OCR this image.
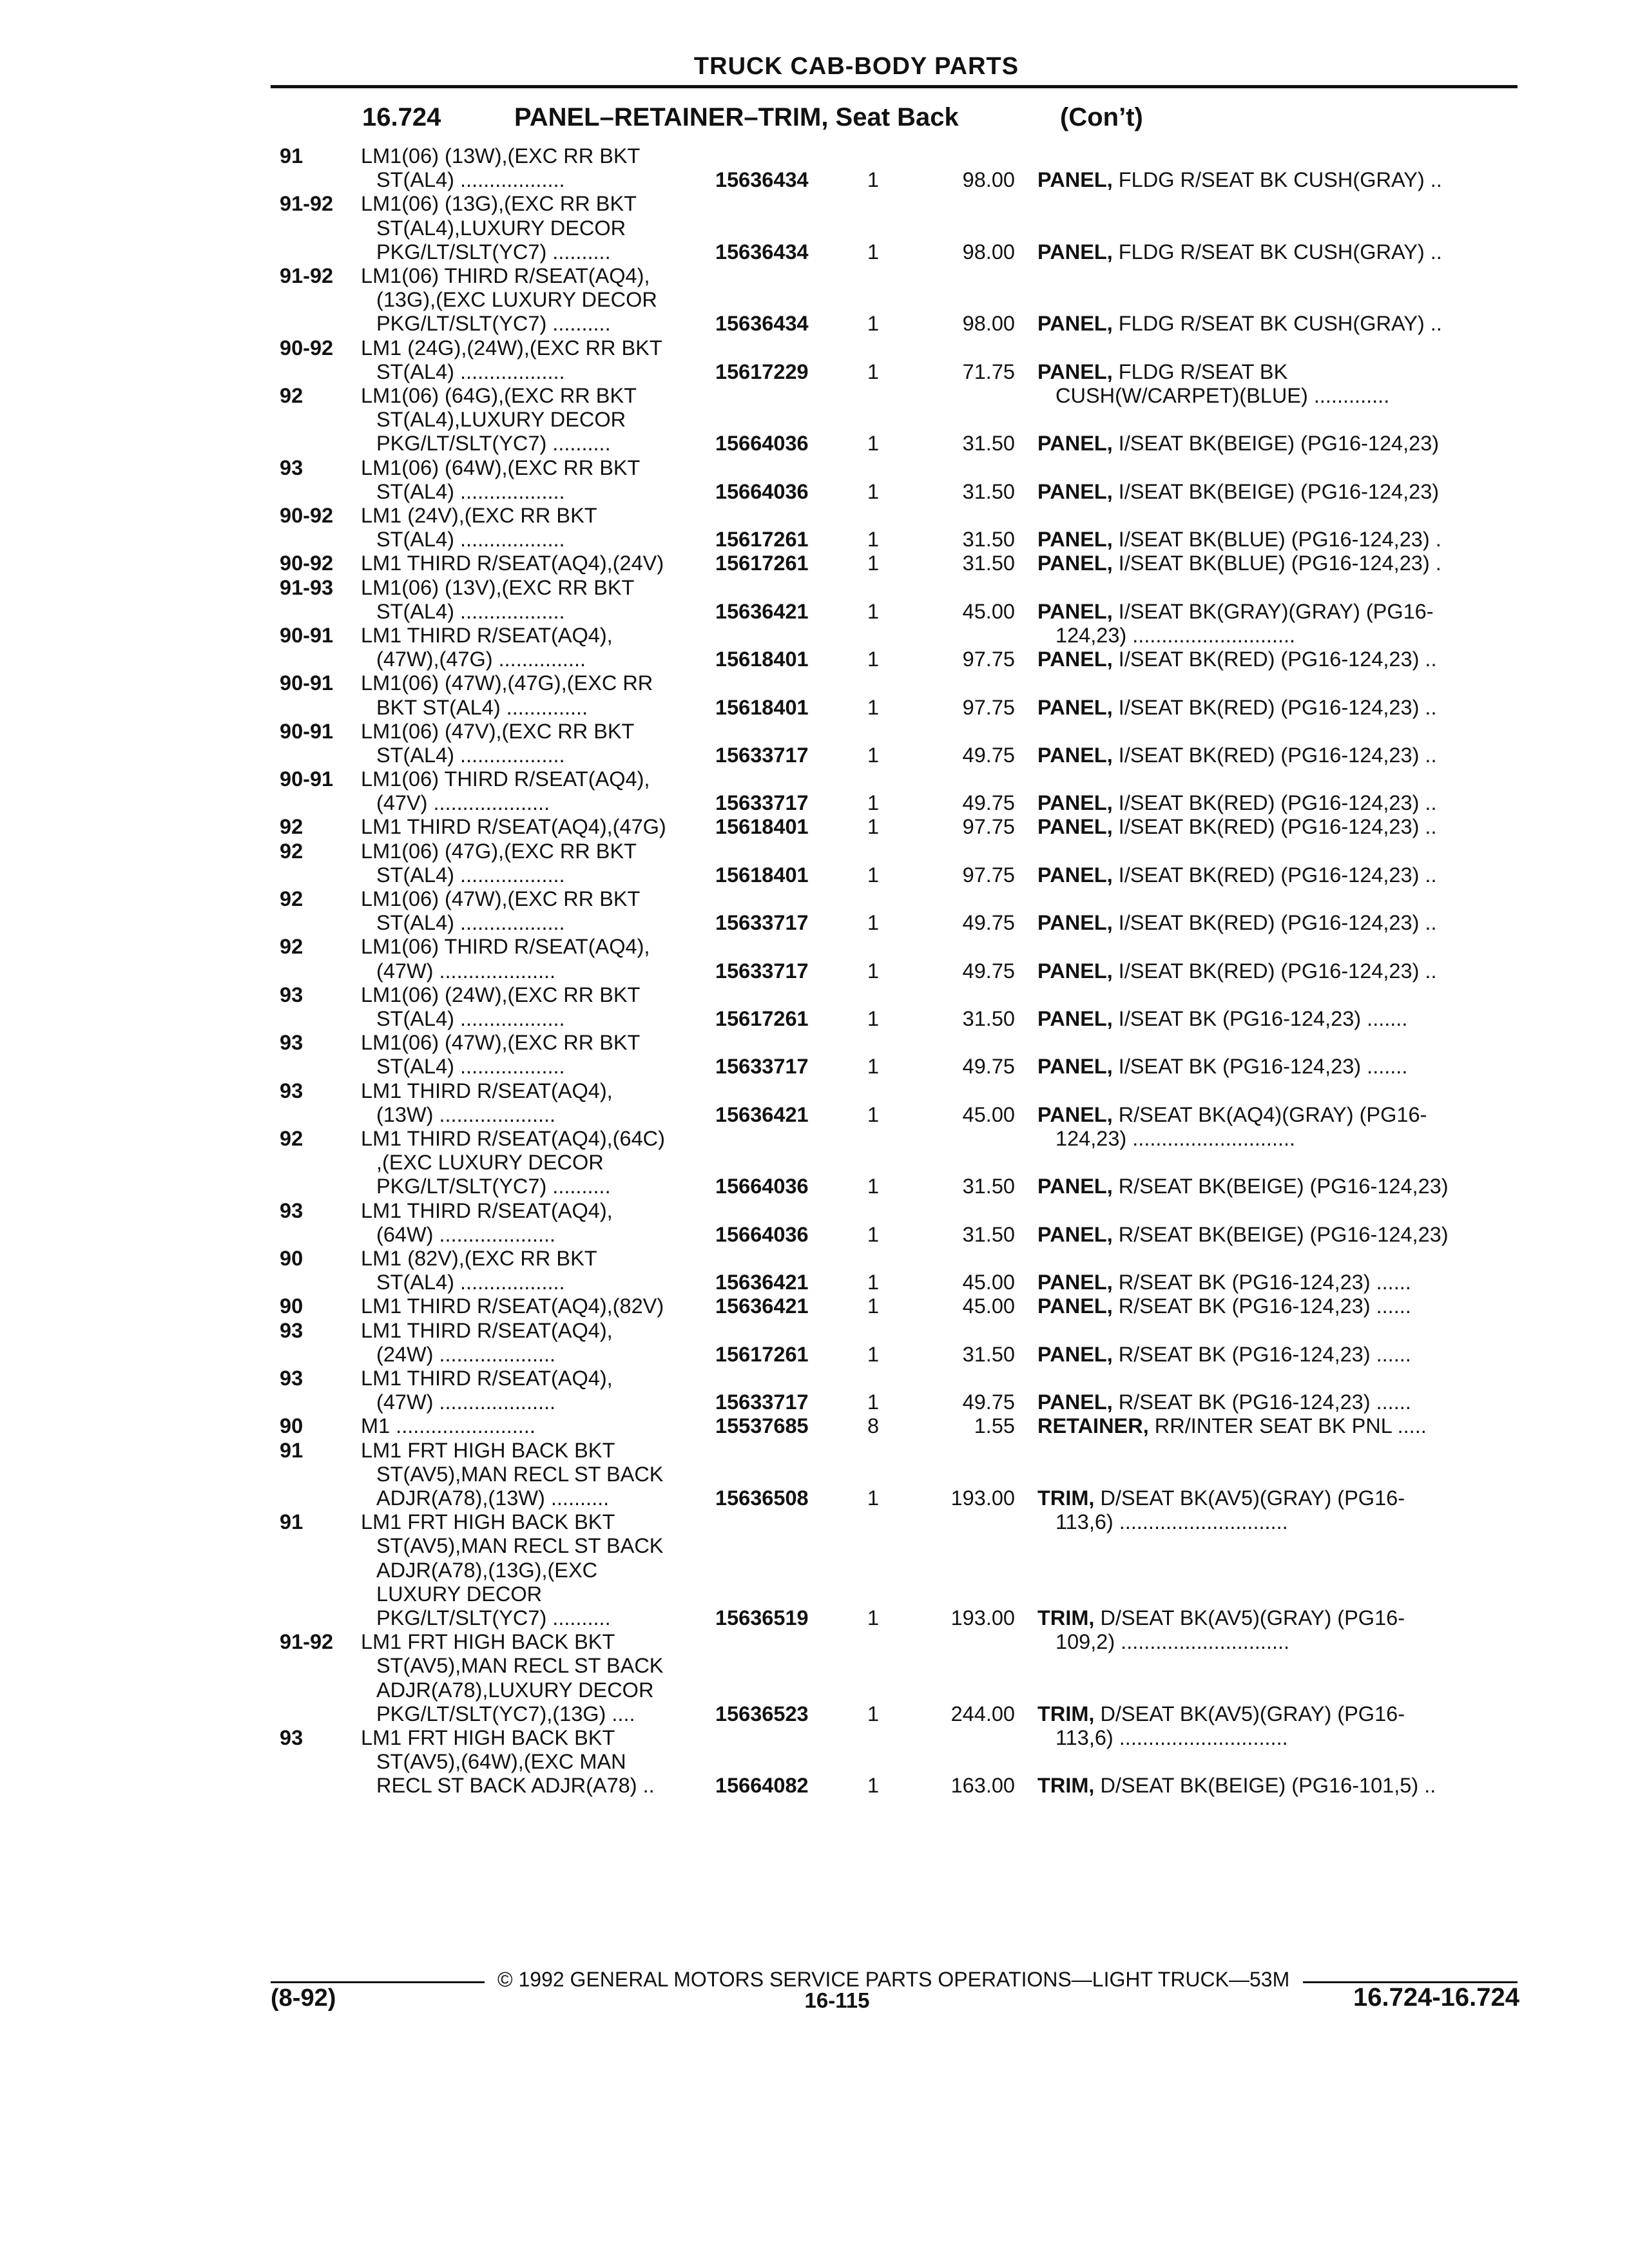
TRUCK CAB-BODY PARTS
16.724	PANEL–RETAINER–TRIM, Seat Back	(Con’t)
91	LM1(06) (13W),(EXC RR BKT
ST(AL4) ..................	15636434	1	98.00 PANEL, FLDG R/SEAT BK CUSH(GRAY) ..
91-92	LM1(06) (13G),(EXC RR BKT
ST(AL4),LUXURY DECOR
PKG/LT/SLT(YC7) ..........	15636434	1	98.00 PANEL, FLDG R/SEAT BK CUSH(GRAY) ..
91-92	LM1(06) THIRD R/SEAT(AQ4),
(13G),(EXC LUXURY DECOR
PKG/LT/SLT(YC7) ..........	15636434	1	98.00 PANEL, FLDG R/SEAT BK CUSH(GRAY) ..
90-92	LM1 (24G),(24W),(EXC RR BKT
ST(AL4) ..................	15617229	1	71.75 PANEL, FLDG R/SEAT BK
CUSH(W/CARPET)(BLUE) .............
92	LM1(06) (64G),(EXC RR BKT
ST(AL4),LUXURY DECOR
PKG/LT/SLT(YC7) ..........	15664036	1	31.50 PANEL, I/SEAT BK(BEIGE) (PG16-124,23)
93	LM1(06) (64W),(EXC RR BKT
ST(AL4) ..................	15664036	1	31.50 PANEL, I/SEAT BK(BEIGE) (PG16-124,23)
90-92	LM1 (24V),(EXC RR BKT
ST(AL4) ..................	15617261	1	31.50 PANEL, I/SEAT BK(BLUE) (PG16-124,23) .
90-92	LM1 THIRD R/SEAT(AQ4),(24V)	15617261	1	31.50 PANEL, I/SEAT BK(BLUE) (PG16-124,23) .
91-93	LM1(06) (13V),(EXC RR BKT
ST(AL4) ..................	15636421	1	45.00 PANEL, I/SEAT BK(GRAY)(GRAY) (PG16-
124,23) ............................
90-91	LM1 THIRD R/SEAT(AQ4),
(47W),(47G) ...............	15618401	1	97.75 PANEL, I/SEAT BK(RED) (PG16-124,23) ..
90-91	LM1(06) (47W),(47G),(EXC RR
BKT ST(AL4) ..............	15618401	1	97.75 PANEL, I/SEAT BK(RED) (PG16-124,23) ..
90-91	LM1(06) (47V),(EXC RR BKT
ST(AL4) ..................	15633717	1	49.75 PANEL, I/SEAT BK(RED) (PG16-124,23) ..
90-91	LM1(06) THIRD R/SEAT(AQ4),
(47V) ....................	15633717	1	49.75 PANEL, I/SEAT BK(RED) (PG16-124,23) ..
92	LM1 THIRD R/SEAT(AQ4),(47G)	15618401	1	97.75 PANEL, I/SEAT BK(RED) (PG16-124,23) ..
92	LM1(06) (47G),(EXC RR BKT
ST(AL4) ..................	15618401	1	97.75 PANEL, I/SEAT BK(RED) (PG16-124,23) ..
92	LM1(06) (47W),(EXC RR BKT
ST(AL4) ..................	15633717	1	49.75 PANEL, I/SEAT BK(RED) (PG16-124,23) ..
92	LM1(06) THIRD R/SEAT(AQ4),
(47W) ....................	15633717	1	49.75 PANEL, I/SEAT BK(RED) (PG16-124,23) ..
93	LM1(06) (24W),(EXC RR BKT
ST(AL4) ..................	15617261	1	31.50 PANEL, I/SEAT BK (PG16-124,23) .......
93	LM1(06) (47W),(EXC RR BKT
ST(AL4) ..................	15633717	1	49.75 PANEL, I/SEAT BK (PG16-124,23) .......
93	LM1 THIRD R/SEAT(AQ4),
(13W) ....................	15636421	1	45.00 PANEL, R/SEAT BK(AQ4)(GRAY) (PG16-
124,23) ............................
92	LM1 THIRD R/SEAT(AQ4),(64C)
,(EXC LUXURY DECOR
PKG/LT/SLT(YC7) ..........	15664036	1	31.50 PANEL, R/SEAT BK(BEIGE) (PG16-124,23)
93	LM1 THIRD R/SEAT(AQ4),
(64W) ....................	15664036	1	31.50 PANEL, R/SEAT BK(BEIGE) (PG16-124,23)
90	LM1 (82V),(EXC RR BKT
ST(AL4) ..................	15636421	1	45.00 PANEL, R/SEAT BK (PG16-124,23) ......
90	LM1 THIRD R/SEAT(AQ4),(82V)	15636421	1	45.00 PANEL, R/SEAT BK (PG16-124,23) ......
93	LM1 THIRD R/SEAT(AQ4),
(24W) ....................	15617261	1	31.50 PANEL, R/SEAT BK (PG16-124,23) ......
93	LM1 THIRD R/SEAT(AQ4),
(47W) ....................	15633717	1	49.75 PANEL, R/SEAT BK (PG16-124,23) ......
90	M1 ........................	15537685	8	1.55 RETAINER, RR/INTER SEAT BK PNL .....
91	LM1 FRT HIGH BACK BKT
ST(AV5),MAN RECL ST BACK
ADJR(A78),(13W) ..........	15636508	1	193.00 TRIM, D/SEAT BK(AV5)(GRAY) (PG16-
113,6) .............................
91	LM1 FRT HIGH BACK BKT
ST(AV5),MAN RECL ST BACK
ADJR(A78),(13G),(EXC
LUXURY DECOR
PKG/LT/SLT(YC7) ..........	15636519	1	193.00 TRIM, D/SEAT BK(AV5)(GRAY) (PG16-
109,2) .............................
91-92	LM1 FRT HIGH BACK BKT
ST(AV5),MAN RECL ST BACK
ADJR(A78),LUXURY DECOR
PKG/LT/SLT(YC7),(13G) ....	15636523	1	244.00 TRIM, D/SEAT BK(AV5)(GRAY) (PG16-
113,6) .............................
93	LM1 FRT HIGH BACK BKT
ST(AV5),(64W),(EXC MAN
RECL ST BACK ADJR(A78) ..	15664082	1	163.00 TRIM, D/SEAT BK(BEIGE) (PG16-101,5) ..
© 1992 GENERAL MOTORS SERVICE PARTS OPERATIONS—LIGHT TRUCK—53M
(8-92)	16-115	16.724-16.724
